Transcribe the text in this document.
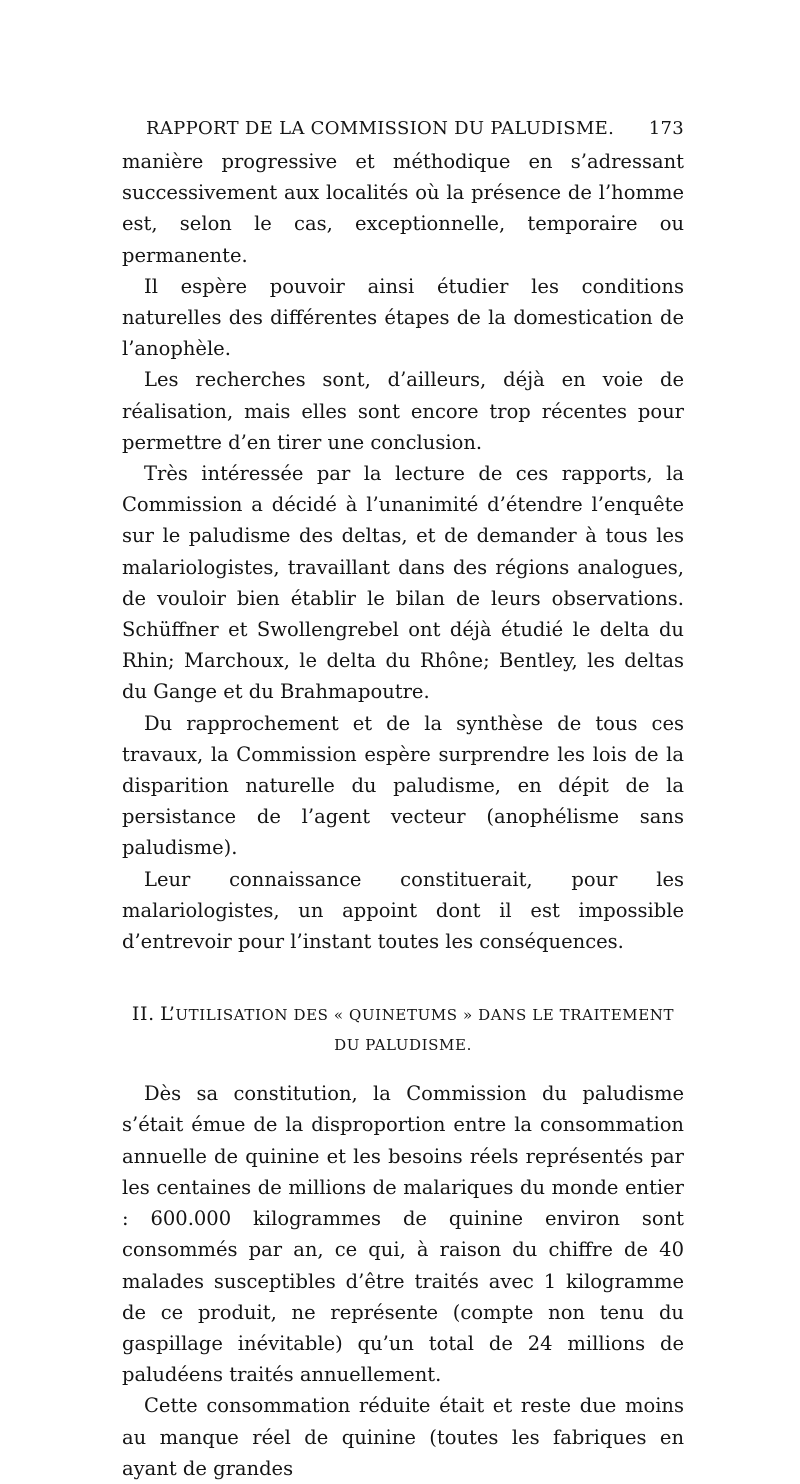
RAPPORT DE LA COMMISSION DU PALUDISME. 173

manière progressive et méthodique en s’adressant successivement aux localités où la présence de l’homme est, selon le cas, exceptionnelle, temporaire ou permanente.

Il espère pouvoir ainsi étudier les conditions naturelles des différentes étapes de la domestication de l’anophèle.

Les recherches sont, d’ailleurs, déjà en voie de réalisation, mais elles sont encore trop récentes pour permettre d’en tirer une conclusion.

Très intéressée par la lecture de ces rapports, la Commission a décidé à l’unanimité d’étendre l’enquête sur le paludisme des deltas, et de demander à tous les malariologistes, travaillant dans des régions analogues, de vouloir bien établir le bilan de leurs observations. Schüffner et Swollengrebel ont déjà étudié le delta du Rhin; Marchoux, le delta du Rhône; Bentley, les deltas du Gange et du Brahmapoutre.

Du rapprochement et de la synthèse de tous ces travaux, la Commission espère surprendre les lois de la disparition naturelle du paludisme, en dépit de la persistance de l’agent vecteur (anophélisme sans paludisme).

Leur connaissance constituerait, pour les malariologistes, un appoint dont il est impossible d’entrevoir pour l’instant toutes les conséquences.

II. L’UTILISATION DES « QUINETUMS » DANS LE TRAITEMENT
DU PALUDISME.

Dès sa constitution, la Commission du paludisme s’était émue de la disproportion entre la consommation annuelle de quinine et les besoins réels représentés par les centaines de millions de malariques du monde entier : 600.000 kilogrammes de quinine environ sont consommés par an, ce qui, à raison du chiffre de 40 malades susceptibles d’être traités avec 1 kilogramme de ce produit, ne représente (compte non tenu du gaspillage inévitable) qu’un total de 24 millions de paludéens traités annuellement.

Cette consommation réduite était et reste due moins au manque réel de quinine (toutes les fabriques en ayant de grandes
